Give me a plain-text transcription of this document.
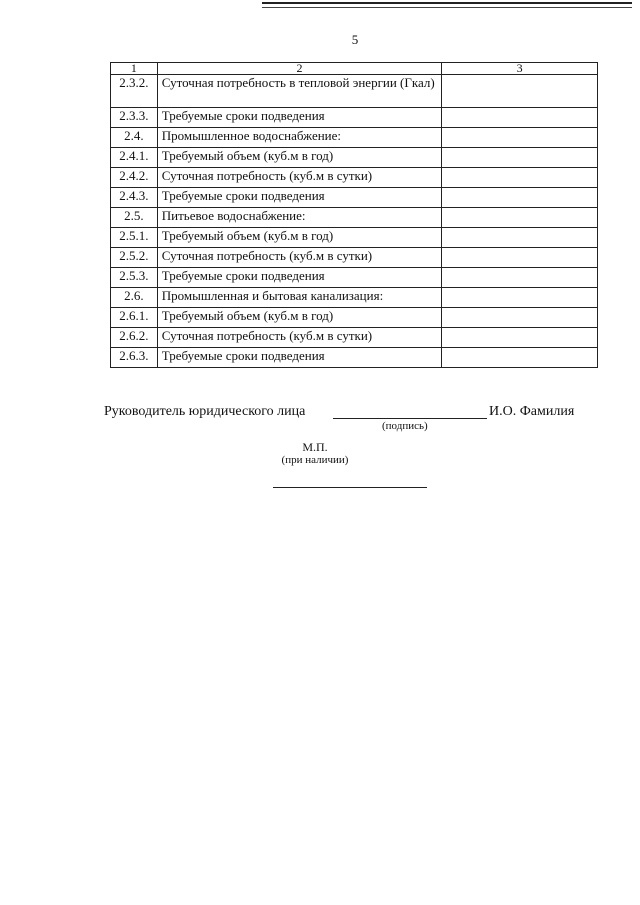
5
1	2	3
2.3.2.	Суточная потребность в тепловой энергии (Гкал)	
2.3.3.	Требуемые сроки подведения	
2.4.	Промышленное водоснабжение:	
2.4.1.	Требуемый объем (куб.м в год)	
2.4.2.	Суточная потребность (куб.м в сутки)	
2.4.3.	Требуемые сроки подведения	
2.5.	Питьевое водоснабжение:	
2.5.1.	Требуемый объем (куб.м в год)	
2.5.2.	Суточная потребность (куб.м в сутки)	
2.5.3.	Требуемые сроки подведения	
2.6.	Промышленная и бытовая канализация:	
2.6.1.	Требуемый объем (куб.м в год)	
2.6.2.	Суточная потребность (куб.м в сутки)	
2.6.3.	Требуемые сроки подведения	
Руководитель юридического лица	И.О. Фамилия
(подпись)
М.П.
(при наличии)
